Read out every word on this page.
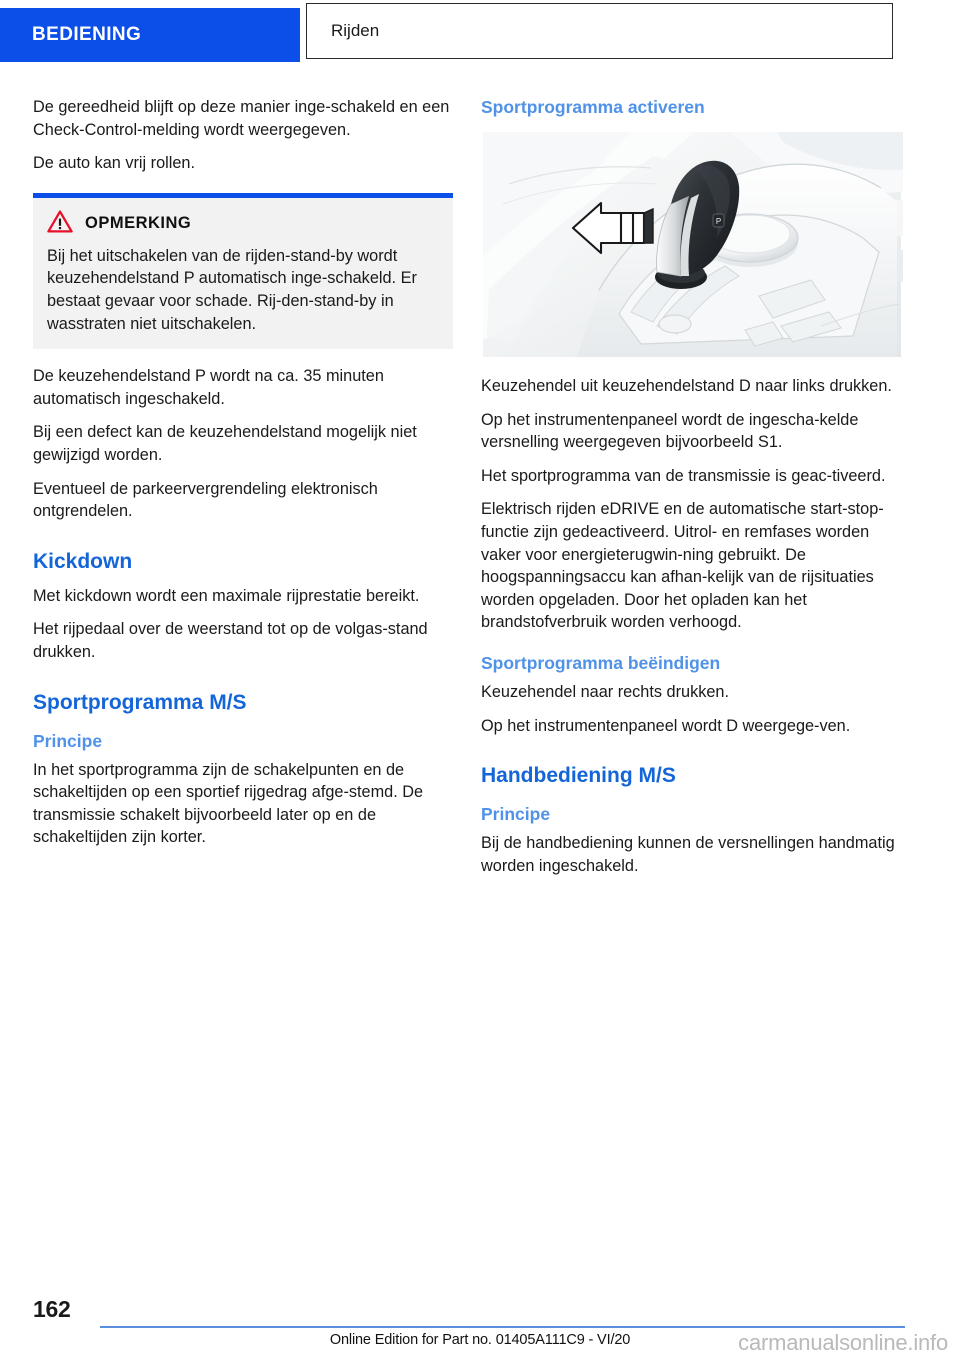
BEDIENING	Rijden

De gereedheid blijft op deze manier inge-schakeld en een Check-Control-melding wordt weergegeven.

De auto kan vrij rollen.

OPMERKING

Bij het uitschakelen van de rijden-stand-by wordt keuzehendelstand P automatisch inge-schakeld. Er bestaat gevaar voor schade. Rij-den-stand-by in wasstraten niet uitschakelen.

De keuzehendelstand P wordt na ca. 35 minuten automatisch ingeschakeld.

Bij een defect kan de keuzehendelstand mogelijk niet gewijzigd worden.

Eventueel de parkeervergrendeling elektronisch ontgrendelen.

Kickdown

Met kickdown wordt een maximale rijprestatie bereikt.

Het rijpedaal over de weerstand tot op de volgas-stand drukken.

Sportprogramma M/S
Principe

In het sportprogramma zijn de schakelpunten en de schakeltijden op een sportief rijgedrag afge-stemd. De transmissie schakelt bijvoorbeeld later op en de schakeltijden zijn korter.

Sportprogramma activeren
P

Keuzehendel uit keuzehendelstand D naar links drukken.

Op het instrumentenpaneel wordt de ingescha-kelde versnelling weergegeven bijvoorbeeld S1.

Het sportprogramma van de transmissie is geac-tiveerd.

Elektrisch rijden eDRIVE en de automatische start-stop-functie zijn gedeactiveerd. Uitrol- en remfases worden vaker voor energieterugwin-ning gebruikt. De hoogspanningsaccu kan afhan-kelijk van de rijsituaties worden opgeladen. Door het opladen kan het brandstofverbruik worden verhoogd.

Sportprogramma beëindigen

Keuzehendel naar rechts drukken.

Op het instrumentenpaneel wordt D weergege-ven.

Handbediening M/S
Principe

Bij de handbediening kunnen de versnellingen handmatig worden ingeschakeld.

162
Online Edition for Part no. 01405A111C9 - VI/20	carmanualsonline.info
